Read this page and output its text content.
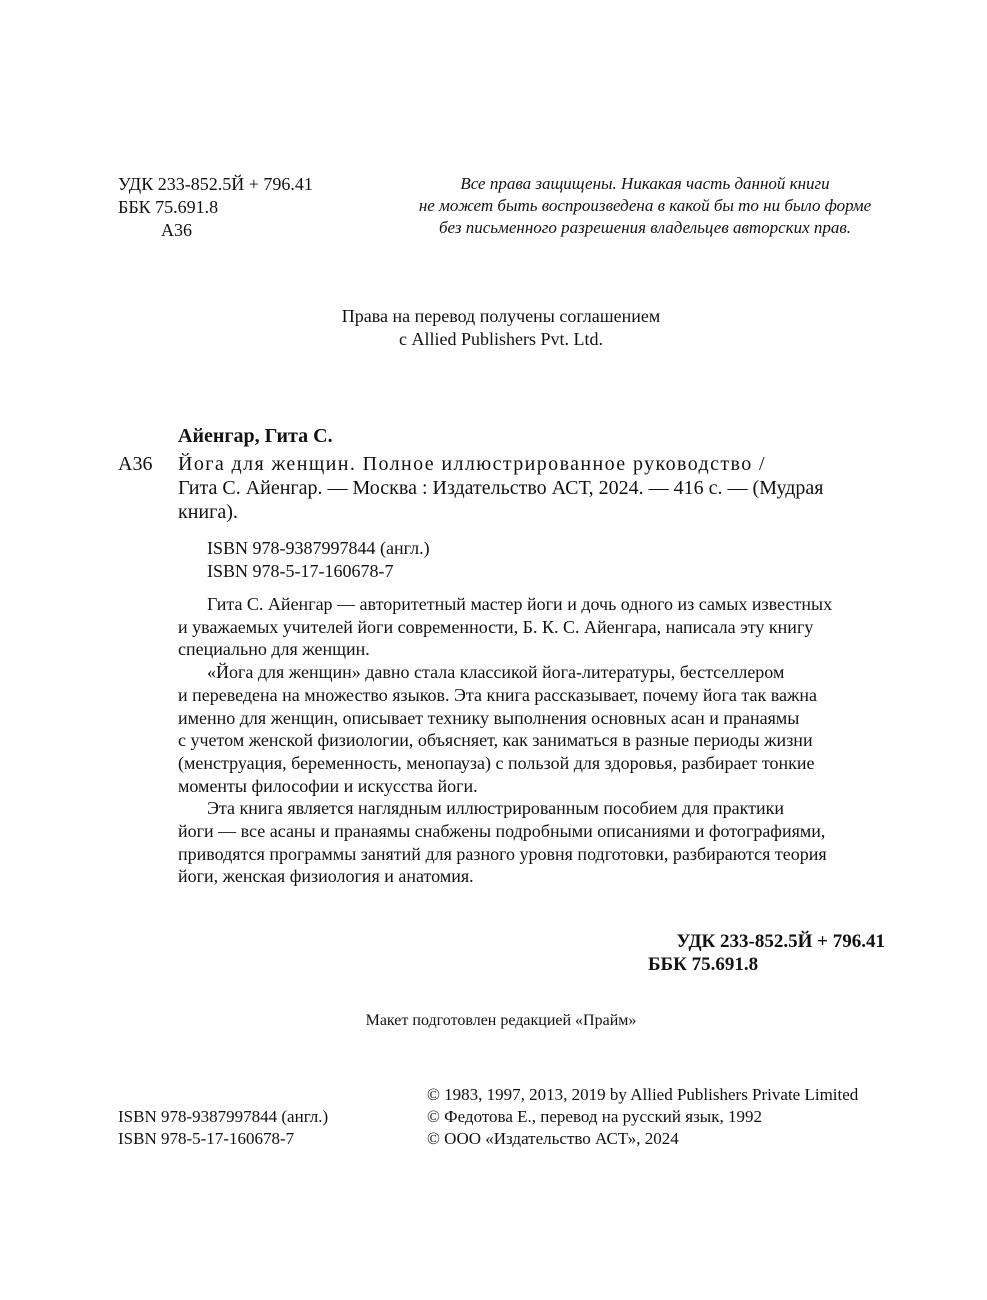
УДК 233-852.5Й + 796.41
ББК 75.691.8
А36
Все права защищены. Никакая часть данной книги
не может быть воспроизведена в какой бы то ни было форме
без письменного разрешения владельцев авторских прав.
Права на перевод получены соглашением
с Allied Publishers Pvt. Ltd.
Айенгар, Гита С.
А36 Йога для женщин. Полное иллюстрированное руководство /
Гита С. Айенгар. — Москва : Издательство АСТ, 2024. — 416 с. — (Мудрая
книга).
ISBN 978-9387997844 (англ.)
ISBN 978-5-17-160678-7
Гита С. Айенгар — авторитетный мастер йоги и дочь одного из самых известных
и уважаемых учителей йоги современности, Б. К. С. Айенгара, написала эту книгу
специально для женщин.
«Йога для женщин» давно стала классикой йога-литературы, бестселлером
и переведена на множество языков. Эта книга рассказывает, почему йога так важна
именно для женщин, описывает технику выполнения основных асан и пранаямы
с учетом женской физиологии, объясняет, как заниматься в разные периоды жизни
(менструация, беременность, менопауза) с пользой для здоровья, разбирает тонкие
моменты философии и искусства йоги.
Эта книга является наглядным иллюстрированным пособием для практики
йоги — все асаны и пранаямы снабжены подробными описаниями и фотографиями,
приводятся программы занятий для разного уровня подготовки, разбираются теория
йоги, женская физиология и анатомия.
УДК 233-852.5Й + 796.41
ББК 75.691.8
Макет подготовлен редакцией «Прайм»
ISBN 978-9387997844 (англ.)
ISBN 978-5-17-160678-7
© 1983, 1997, 2013, 2019 by Allied Publishers Private Limited
© Федотова Е., перевод на русский язык, 1992
© ООО «Издательство АСТ», 2024
